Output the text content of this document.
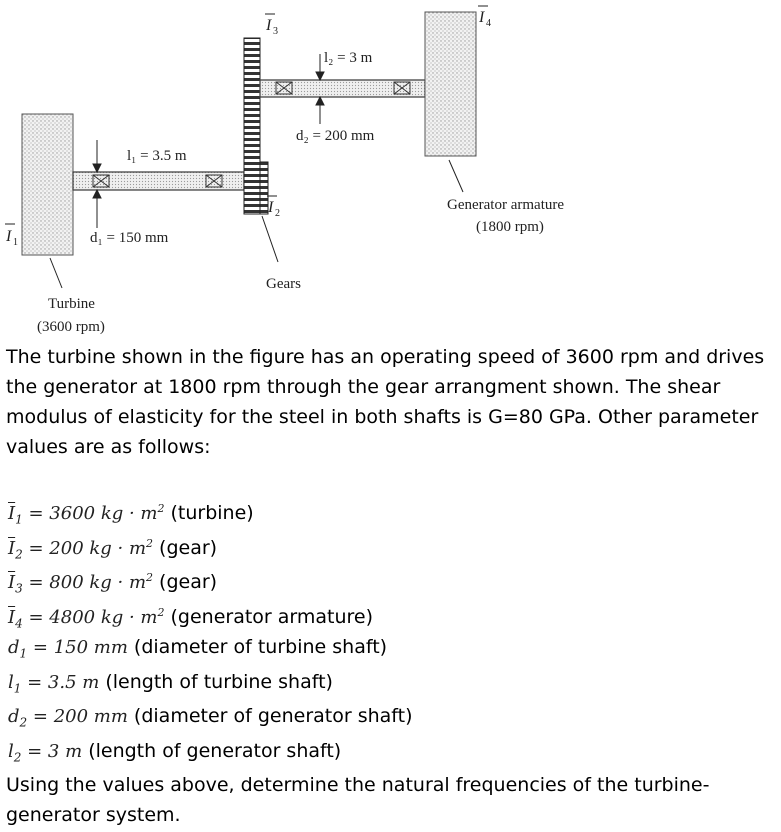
I 1
I 2
I 3
I 4
l₁ = 3.5 m
d₁ = 150 mm
l₂ = 3 m
d₂ = 200 mm
Turbine
(3600 rpm)
Generator armature
(1800 rpm)
Gears

The turbine shown in the figure has an operating speed of 3600 rpm and drives the generator at 1800 rpm through the gear arrangment shown. The shear modulus of elasticity for the steel in both shafts is G=80 GPa. Other parameter values are as follows:

$\overline{I}_1 = 3600$ kg · $m^2$ (turbine)
$\overline{I}_2 = 200$ kg · $m^2$ (gear)
$\overline{I}_3 = 800$ kg · $m^2$ (gear)
$\overline{I}_4 = 4800$ kg · $m^2$ (generator armature)
$d_1 = 150$ mm (diameter of turbine shaft)
$l_1 = 3.5$ m (length of turbine shaft)
$d_2 = 200$ mm (diameter of generator shaft)
$l_2 = 3$ m (length of generator shaft)

Using the values above, determine the natural frequencies of the turbine-generator system.
